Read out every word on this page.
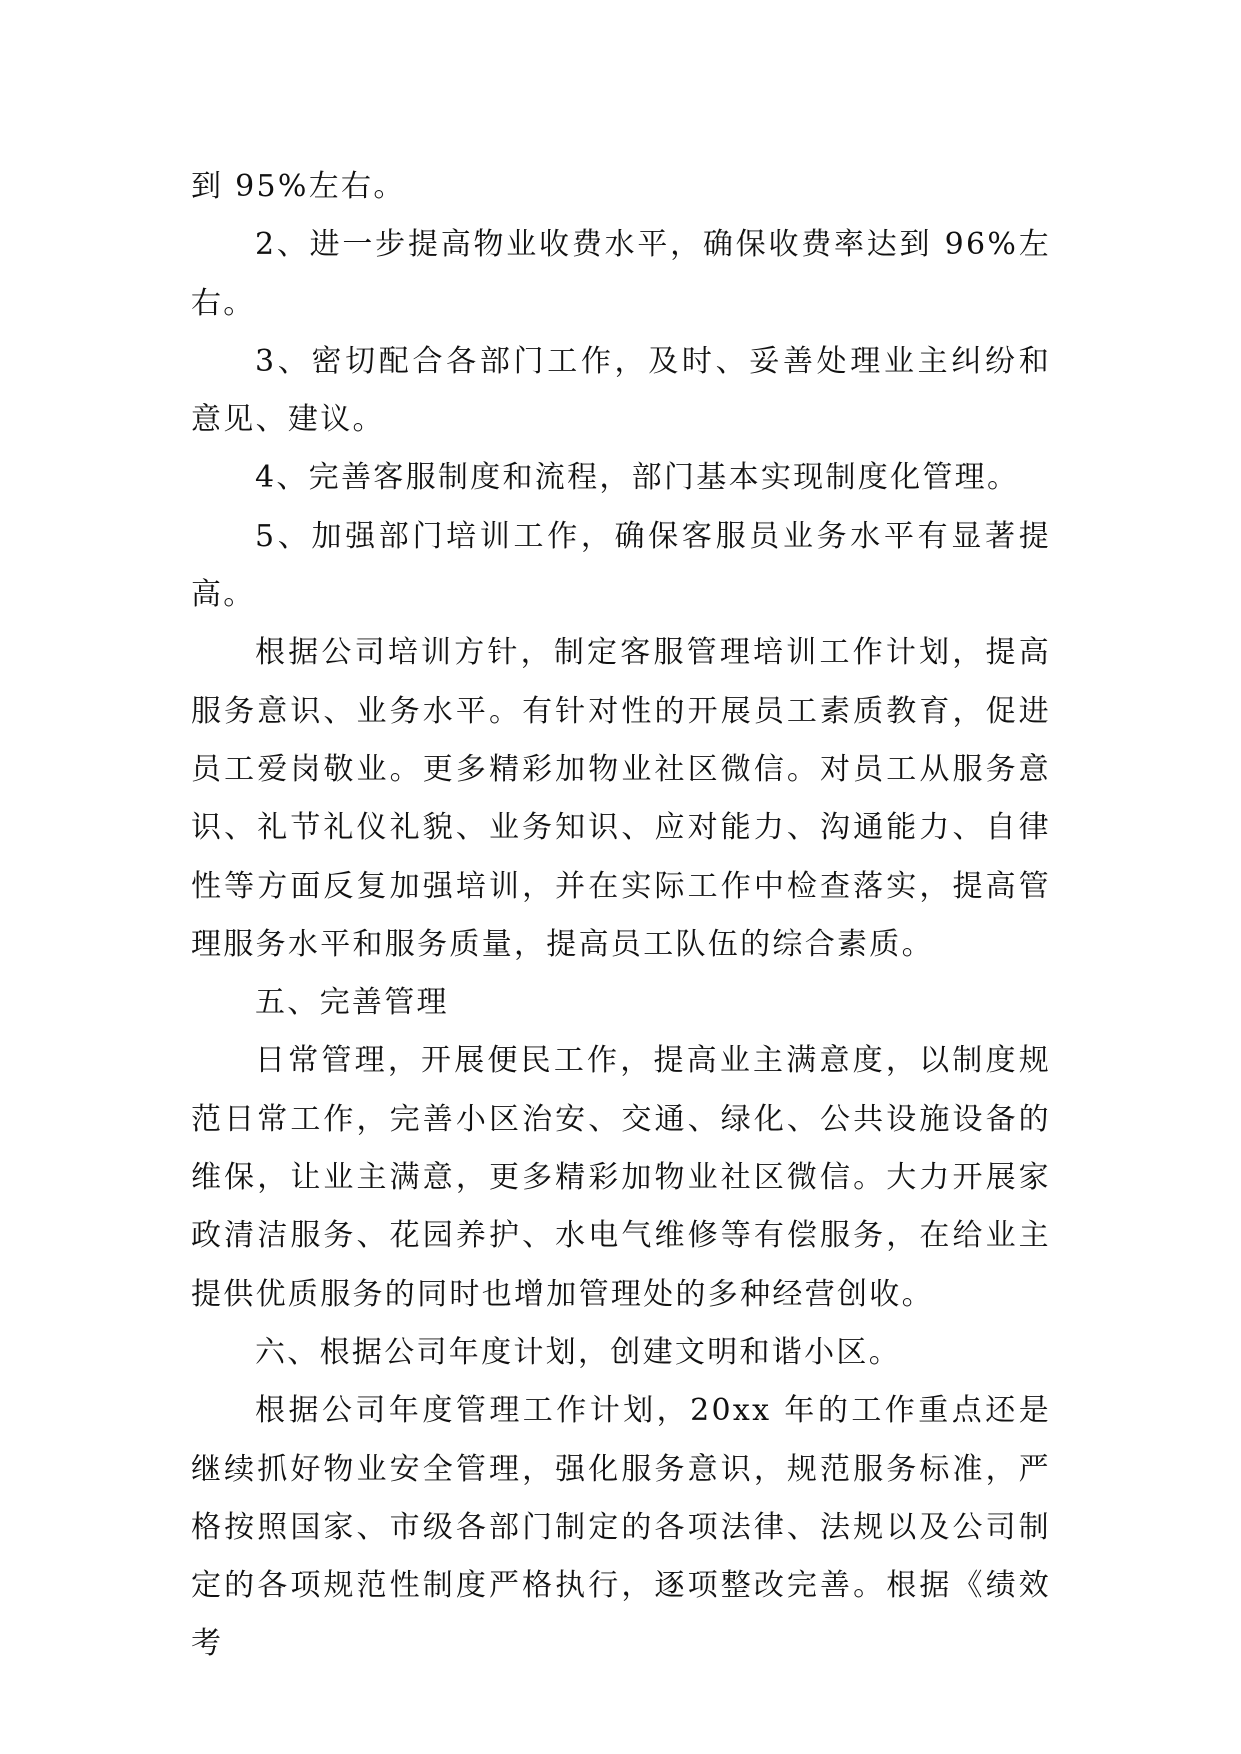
到 95%左右。

2、进一步提高物业收费水平，确保收费率达到 96%左右。

3、密切配合各部门工作，及时、妥善处理业主纠纷和意见、建议。

4、完善客服制度和流程，部门基本实现制度化管理。

5、加强部门培训工作，确保客服员业务水平有显著提高。

根据公司培训方针，制定客服管理培训工作计划，提高服务意识、业务水平。有针对性的开展员工素质教育，促进员工爱岗敬业。更多精彩加物业社区微信。对员工从服务意识、礼节礼仪礼貌、业务知识、应对能力、沟通能力、自律性等方面反复加强培训，并在实际工作中检查落实，提高管理服务水平和服务质量，提高员工队伍的综合素质。

五、完善管理

日常管理，开展便民工作，提高业主满意度，以制度规范日常工作，完善小区治安、交通、绿化、公共设施设备的维保，让业主满意，更多精彩加物业社区微信。大力开展家政清洁服务、花园养护、水电气维修等有偿服务，在给业主提供优质服务的同时也增加管理处的多种经营创收。

六、根据公司年度计划，创建文明和谐小区。

根据公司年度管理工作计划，20xx 年的工作重点还是继续抓好物业安全管理，强化服务意识，规范服务标准，严格按照国家、市级各部门制定的各项法律、法规以及公司制定的各项规范性制度严格执行，逐项整改完善。根据《绩效考
